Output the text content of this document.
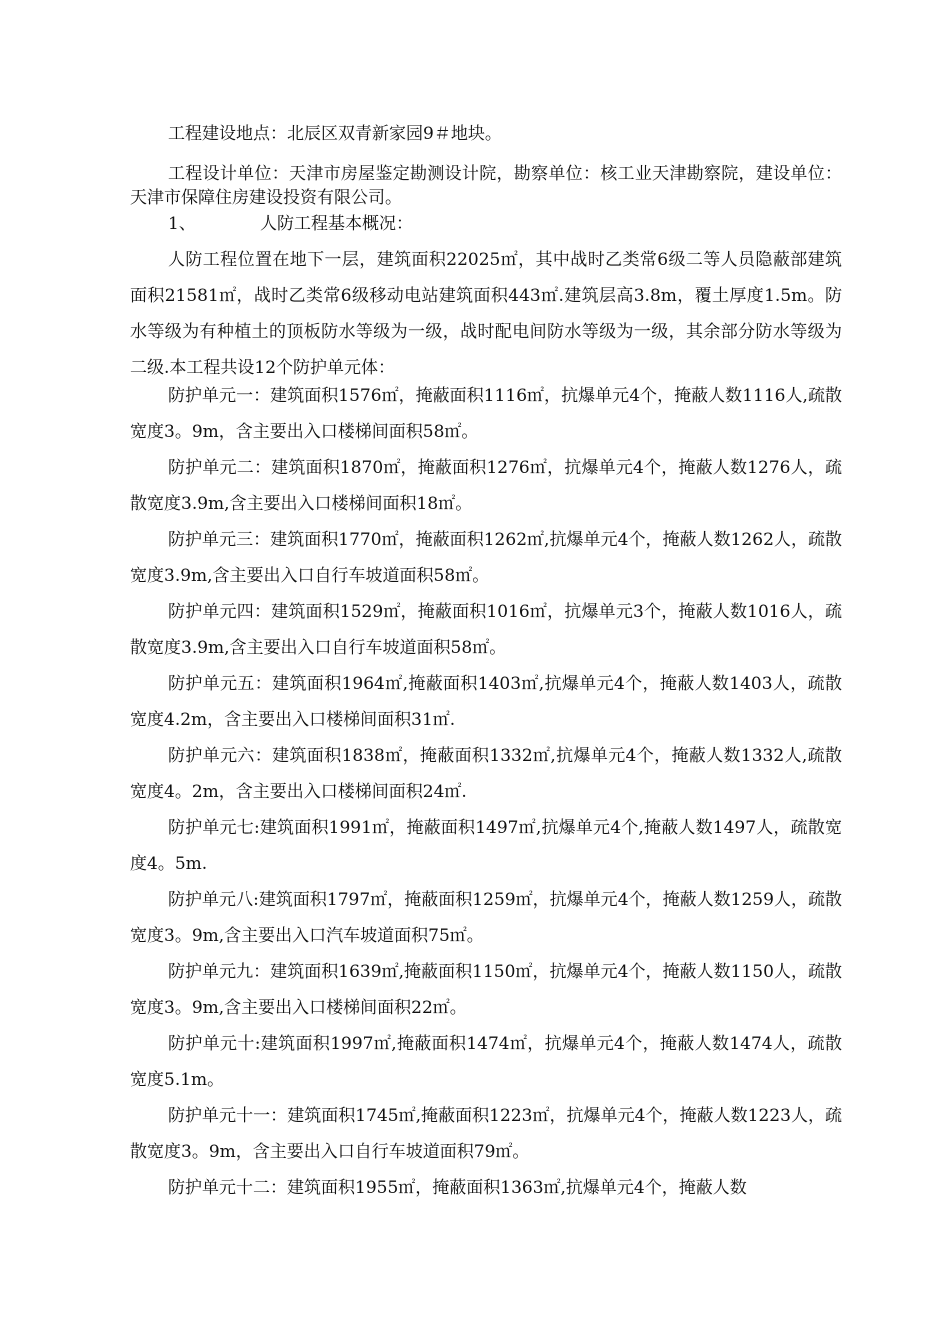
工程建设地点：北辰区双青新家园9＃地块。

工程设计单位：天津市房屋鉴定勘测设计院，勘察单位：核工业天津勘察院，建设单位：天津市保障住房建设投资有限公司。

1、	人防工程基本概况：

人防工程位置在地下一层，建筑面积22025㎡，其中战时乙类常6级二等人员隐蔽部建筑面积21581㎡，战时乙类常6级移动电站建筑面积443㎡.建筑层高3.8m，覆土厚度1.5m。防水等级为有种植土的顶板防水等级为一级，战时配电间防水等级为一级，其余部分防水等级为二级.本工程共设12个防护单元体：

防护单元一：建筑面积1576㎡，掩蔽面积1116㎡，抗爆单元4个，掩蔽人数1116人,疏散宽度3。9m，含主要出入口楼梯间面积58㎡。

防护单元二：建筑面积1870㎡，掩蔽面积1276㎡，抗爆单元4个，掩蔽人数1276人，疏散宽度3.9m,含主要出入口楼梯间面积18㎡。

防护单元三：建筑面积1770㎡，掩蔽面积1262㎡,抗爆单元4个，掩蔽人数1262人，疏散宽度3.9m,含主要出入口自行车坡道面积58㎡。

防护单元四：建筑面积1529㎡，掩蔽面积1016㎡，抗爆单元3个，掩蔽人数1016人，疏散宽度3.9m,含主要出入口自行车坡道面积58㎡。

防护单元五：建筑面积1964㎡,掩蔽面积1403㎡,抗爆单元4个，掩蔽人数1403人，疏散宽度4.2m，含主要出入口楼梯间面积31㎡.

防护单元六：建筑面积1838㎡，掩蔽面积1332㎡,抗爆单元4个，掩蔽人数1332人,疏散宽度4。2m，含主要出入口楼梯间面积24㎡.

防护单元七:建筑面积1991㎡，掩蔽面积1497㎡,抗爆单元4个,掩蔽人数1497人，疏散宽度4。5m.

防护单元八:建筑面积1797㎡，掩蔽面积1259㎡，抗爆单元4个，掩蔽人数1259人，疏散宽度3。9m,含主要出入口汽车坡道面积75㎡。

防护单元九：建筑面积1639㎡,掩蔽面积1150㎡，抗爆单元4个，掩蔽人数1150人，疏散宽度3。9m,含主要出入口楼梯间面积22㎡。

防护单元十:建筑面积1997㎡,掩蔽面积1474㎡，抗爆单元4个，掩蔽人数1474人，疏散宽度5.1m。

防护单元十一：建筑面积1745㎡,掩蔽面积1223㎡，抗爆单元4个，掩蔽人数1223人，疏散宽度3。9m，含主要出入口自行车坡道面积79㎡。

防护单元十二：建筑面积1955㎡，掩蔽面积1363㎡,抗爆单元4个，掩蔽人数
